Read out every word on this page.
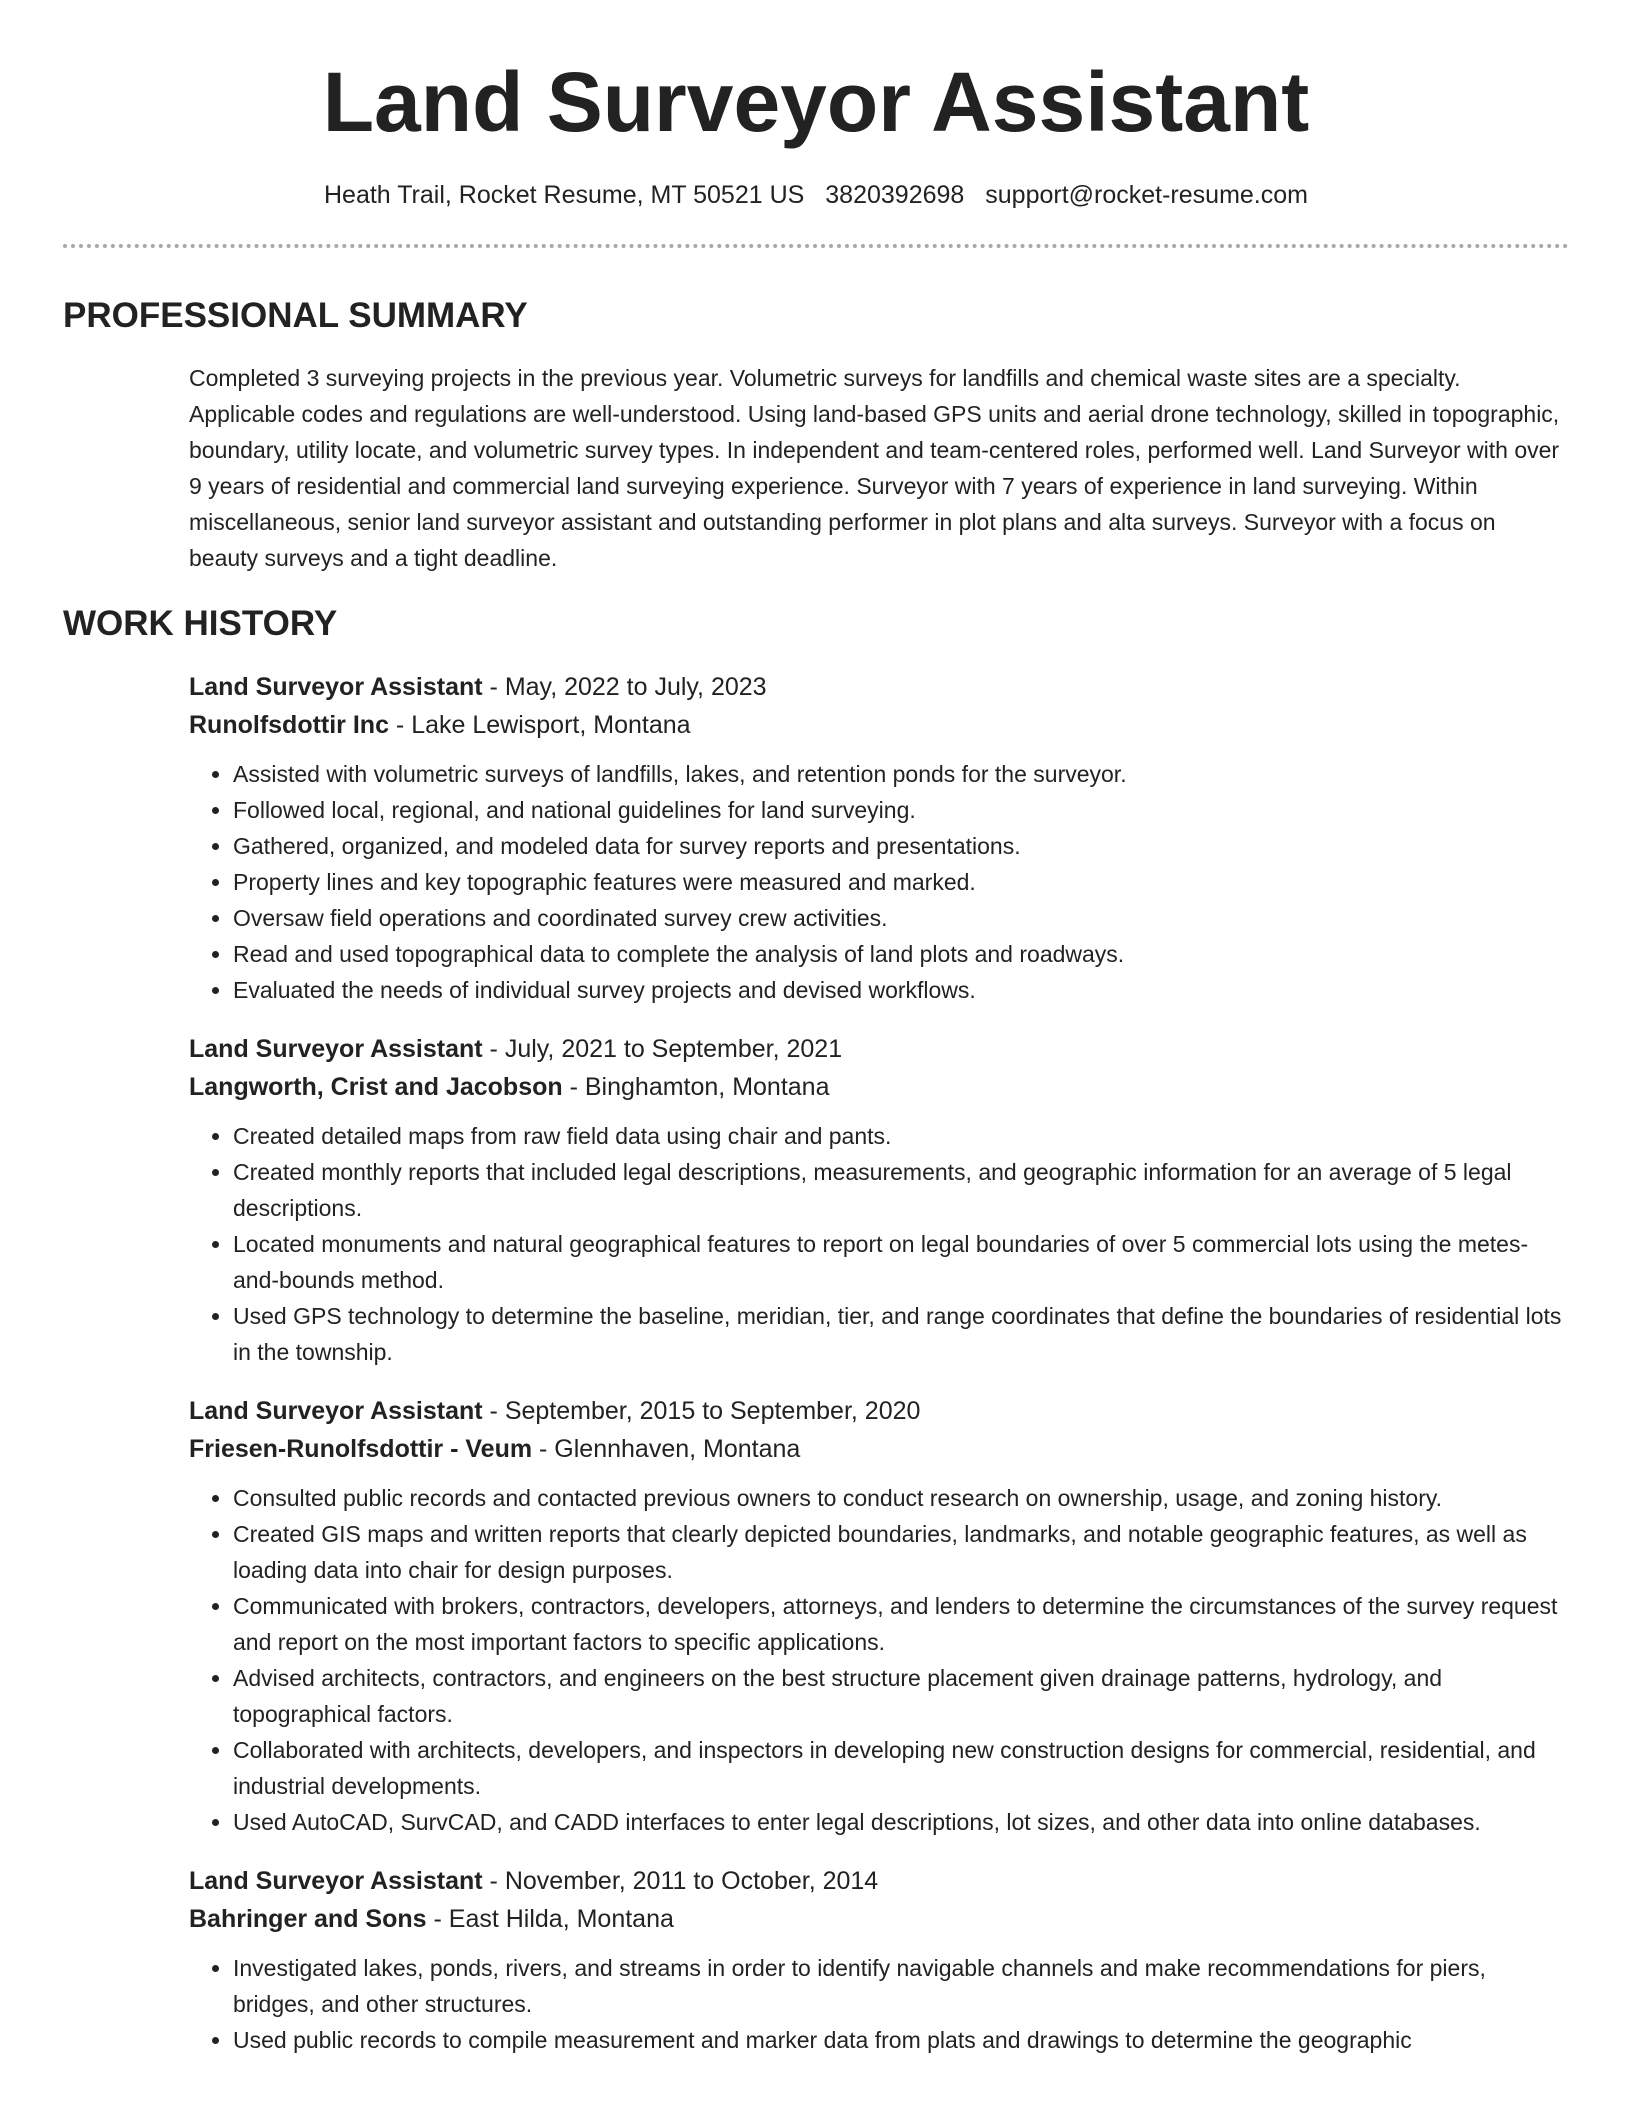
Land Surveyor Assistant
Heath Trail, Rocket Resume, MT 50521 US 3820392698 support@rocket-resume.com
PROFESSIONAL SUMMARY

Completed 3 surveying projects in the previous year. Volumetric surveys for landfills and chemical waste sites are a specialty. Applicable codes and regulations are well-understood. Using land-based GPS units and aerial drone technology, skilled in topographic, boundary, utility locate, and volumetric survey types. In independent and team-centered roles, performed well. Land Surveyor with over 9 years of residential and commercial land surveying experience. Surveyor with 7 years of experience in land surveying. Within miscellaneous, senior land surveyor assistant and outstanding performer in plot plans and alta surveys. Surveyor with a focus on beauty surveys and a tight deadline.

WORK HISTORY
Land Surveyor Assistant - May, 2022 to July, 2023
Runolfsdottir Inc - Lake Lewisport, Montana
• Assisted with volumetric surveys of landfills, lakes, and retention ponds for the surveyor.
• Followed local, regional, and national guidelines for land surveying.
• Gathered, organized, and modeled data for survey reports and presentations.
• Property lines and key topographic features were measured and marked.
• Oversaw field operations and coordinated survey crew activities.
• Read and used topographical data to complete the analysis of land plots and roadways.
• Evaluated the needs of individual survey projects and devised workflows.
Land Surveyor Assistant - July, 2021 to September, 2021
Langworth, Crist and Jacobson - Binghamton, Montana
• Created detailed maps from raw field data using chair and pants.
• Created monthly reports that included legal descriptions, measurements, and geographic information for an average of 5 legal descriptions.
• Located monuments and natural geographical features to report on legal boundaries of over 5 commercial lots using the metes-and-bounds method.
• Used GPS technology to determine the baseline, meridian, tier, and range coordinates that define the boundaries of residential lots in the township.
Land Surveyor Assistant - September, 2015 to September, 2020
Friesen-Runolfsdottir - Veum - Glennhaven, Montana
• Consulted public records and contacted previous owners to conduct research on ownership, usage, and zoning history.
• Created GIS maps and written reports that clearly depicted boundaries, landmarks, and notable geographic features, as well as loading data into chair for design purposes.
• Communicated with brokers, contractors, developers, attorneys, and lenders to determine the circumstances of the survey request and report on the most important factors to specific applications.
• Advised architects, contractors, and engineers on the best structure placement given drainage patterns, hydrology, and topographical factors.
• Collaborated with architects, developers, and inspectors in developing new construction designs for commercial, residential, and industrial developments.
• Used AutoCAD, SurvCAD, and CADD interfaces to enter legal descriptions, lot sizes, and other data into online databases.
Land Surveyor Assistant - November, 2011 to October, 2014
Bahringer and Sons - East Hilda, Montana
• Investigated lakes, ponds, rivers, and streams in order to identify navigable channels and make recommendations for piers, bridges, and other structures.
• Used public records to compile measurement and marker data from plats and drawings to determine the geographic
